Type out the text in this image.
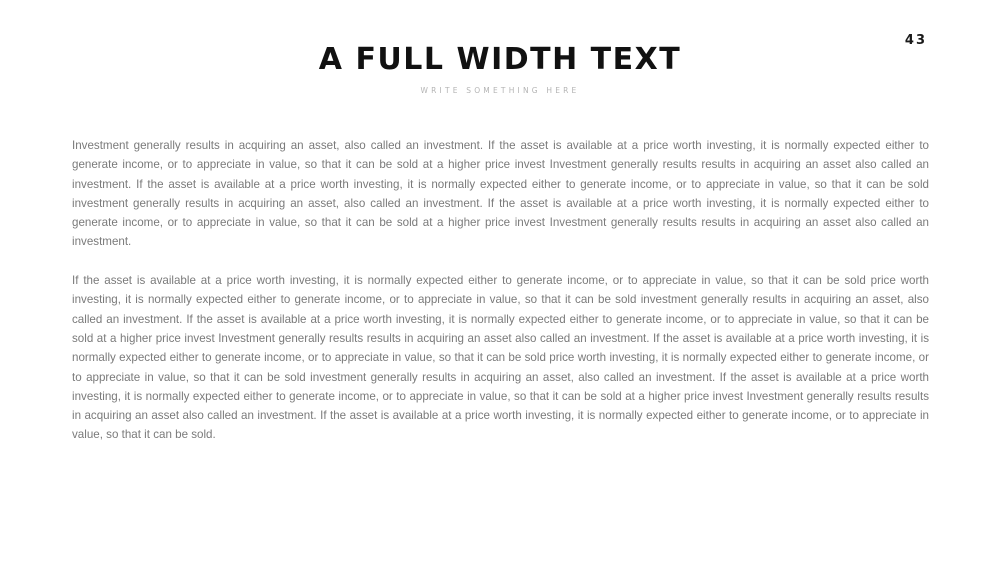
43
A FULL WIDTH TEXT
WRITE SOMETHING HERE

Investment generally results in acquiring an asset, also called an investment. If the asset is available at a price worth investing, it is normally expected either to generate income, or to appreciate in value, so that it can be sold at a higher price invest Investment generally results results in acquiring an asset also called an investment. If the asset is available at a price worth investing, it is normally expected either to generate income, or to appreciate in value, so that it can be sold investment generally results in acquiring an asset, also called an investment. If the asset is available at a price worth investing, it is normally expected either to generate income, or to appreciate in value, so that it can be sold at a higher price invest Investment generally results results in acquiring an asset also called an investment.

If the asset is available at a price worth investing, it is normally expected either to generate income, or to appreciate in value, so that it can be sold price worth investing, it is normally expected either to generate income, or to appreciate in value, so that it can be sold investment generally results in acquiring an asset, also called an investment. If the asset is available at a price worth investing, it is normally expected either to generate income, or to appreciate in value, so that it can be sold at a higher price invest Investment generally results results in acquiring an asset also called an investment. If the asset is available at a price worth investing, it is normally expected either to generate income, or to appreciate in value, so that it can be sold price worth investing, it is normally expected either to generate income, or to appreciate in value, so that it can be sold investment generally results in acquiring an asset, also called an investment. If the asset is available at a price worth investing, it is normally expected either to generate income, or to appreciate in value, so that it can be sold at a higher price invest Investment generally results results in acquiring an asset also called an investment. If the asset is available at a price worth investing, it is normally expected either to generate income, or to appreciate in value, so that it can be sold.
